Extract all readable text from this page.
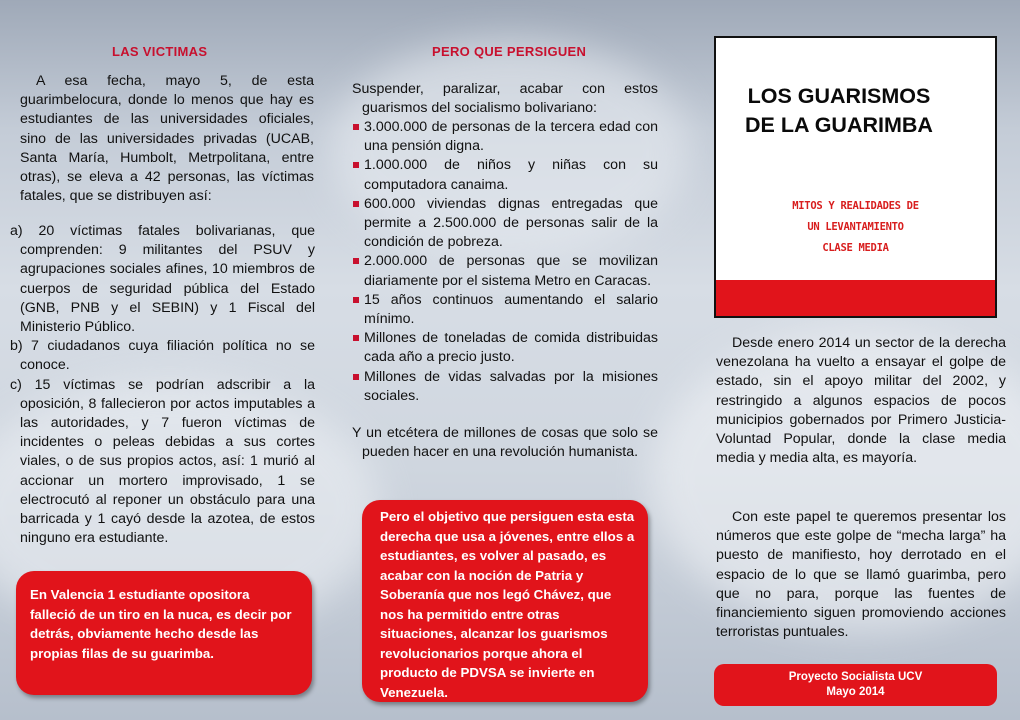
LAS VICTIMAS
A esa fecha, mayo 5, de esta guarimbelocura, donde lo menos que hay es estudiantes de las universidades oficiales, sino de las universidades privadas (UCAB, Santa María, Humbolt, Metrpolitana, entre otras), se eleva a 42 personas, las víctimas fatales, que se distribuyen así:
a) 20 víctimas fatales bolivarianas, que comprenden: 9 militantes del PSUV y agrupaciones sociales afines, 10 miembros de cuerpos de seguridad pública del Estado (GNB, PNB y el SEBIN) y 1 Fiscal del Ministerio Público.
b) 7 ciudadanos cuya filiación política no se conoce.
c) 15 víctimas se podrían adscribir a la oposición, 8 fallecieron por actos imputables a las autoridades, y 7 fueron víctimas de incidentes o peleas debidas a sus cortes viales, o de sus propios actos, así: 1 murió al accionar un mortero improvisado, 1 se electrocutó al reponer un obstáculo para una barricada y 1 cayó desde la azotea, de estos ninguno era estudiante.
En Valencia 1 estudiante opositora falleció de un tiro en la nuca, es decir por detrás, obviamente hecho desde las propias filas de su guarimba.
PERO QUE PERSIGUEN
Suspender, paralizar, acabar con estos guarismos del socialismo bolivariano:
3.000.000 de personas de la tercera edad con una pensión digna.
1.000.000 de niños y niñas con su computadora canaima.
600.000 viviendas dignas entregadas que permite a 2.500.000 de personas salir de la condición de pobreza.
2.000.000 de personas que se movilizan diariamente por el sistema Metro en Caracas.
15 años continuos aumentando el salario mínimo.
Millones de toneladas de comida distribuidas cada año a precio justo.
Millones de vidas salvadas por la misiones sociales.
Y un etcétera de millones de cosas que solo se pueden hacer en una revolución humanista.
Pero el objetivo que persiguen esta esta derecha que usa a jóvenes, entre ellos a estudiantes, es volver al pasado, es acabar con la noción de Patria y Soberanía que nos legó Chávez, que nos ha permitido entre otras situaciones, alcanzar los guarismos revolucionarios porque ahora el producto de PDVSA se invierte en Venezuela.
LOS GUARISMOS DE LA GUARIMBA
MITOS Y REALIDADES DE
UN LEVANTAMIENTO
CLASE MEDIA
Desde enero 2014 un sector de la derecha venezolana ha vuelto a ensayar el golpe de estado, sin el apoyo militar del 2002, y restringido a algunos espacios de pocos municipios gobernados por Primero Justicia-Voluntad Popular, donde la clase media media y media alta, es mayoría.
Con este papel te queremos presentar los números que este golpe de “mecha larga” ha puesto de manifiesto, hoy derrotado en el espacio de lo que se llamó guarimba, pero que no para, porque las fuentes de financiemiento siguen promoviendo acciones terroristas puntuales.
Proyecto Socialista UCV
Mayo 2014
